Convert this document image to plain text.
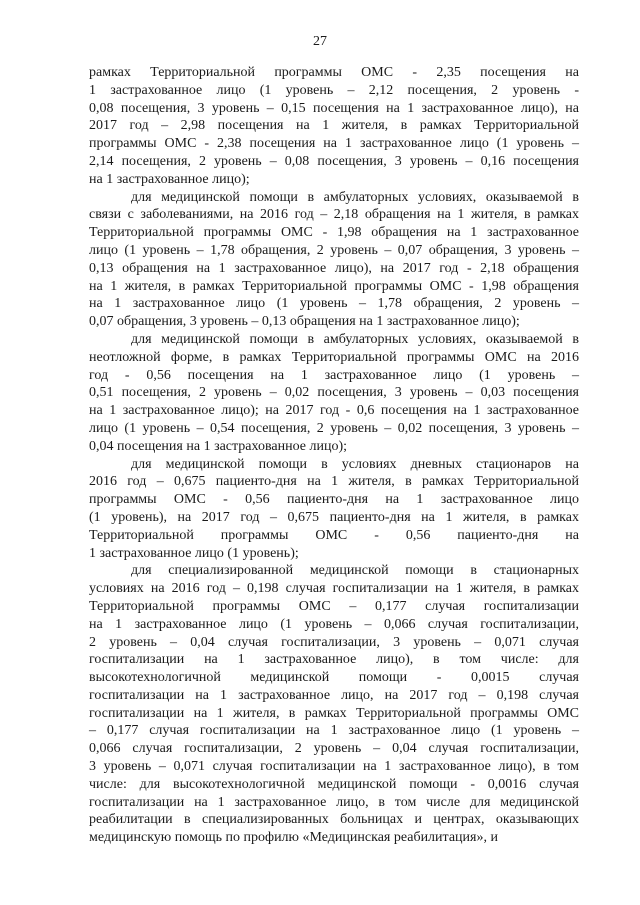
27

рамках Территориальной программы ОМС - 2,35 посещения на
1 застрахованное лицо (1 уровень – 2,12 посещения, 2 уровень -
0,08 посещения, 3 уровень – 0,15 посещения на 1 застрахованное лицо), на
2017 год – 2,98 посещения на 1 жителя, в рамках Территориальной
программы ОМС - 2,38 посещения на 1 застрахованное лицо (1 уровень –
2,14 посещения, 2 уровень – 0,08 посещения, 3 уровень – 0,16 посещения
на 1 застрахованное лицо);

для медицинской помощи в амбулаторных условиях, оказываемой в
связи с заболеваниями, на 2016 год – 2,18 обращения на 1 жителя, в рамках
Территориальной программы ОМС - 1,98 обращения на 1 застрахованное
лицо (1 уровень – 1,78 обращения, 2 уровень – 0,07 обращения, 3 уровень –
0,13 обращения на 1 застрахованное лицо), на 2017 год - 2,18 обращения
на 1 жителя, в рамках Территориальной программы ОМС - 1,98 обращения
на 1 застрахованное лицо (1 уровень – 1,78 обращения, 2 уровень –
0,07 обращения, 3 уровень – 0,13 обращения на 1 застрахованное лицо);

для медицинской помощи в амбулаторных условиях, оказываемой в
неотложной форме, в рамках Территориальной программы ОМС на 2016
год - 0,56 посещения на 1 застрахованное лицо (1 уровень –
0,51 посещения, 2 уровень – 0,02 посещения, 3 уровень – 0,03 посещения
на 1 застрахованное лицо); на 2017 год - 0,6 посещения на 1 застрахованное
лицо (1 уровень – 0,54 посещения, 2 уровень – 0,02 посещения, 3 уровень –
0,04 посещения на 1 застрахованное лицо);

для медицинской помощи в условиях дневных стационаров на
2016 год – 0,675 пациенто-дня на 1 жителя, в рамках Территориальной
программы ОМС - 0,56 пациенто-дня на 1 застрахованное лицо
(1 уровень), на 2017 год – 0,675 пациенто-дня на 1 жителя, в рамках
Территориальной программы ОМС - 0,56 пациенто-дня на
1 застрахованное лицо (1 уровень);

для специализированной медицинской помощи в стационарных
условиях на 2016 год – 0,198 случая госпитализации на 1 жителя, в рамках
Территориальной программы ОМС – 0,177 случая госпитализации
на 1 застрахованное лицо (1 уровень – 0,066 случая госпитализации,
2 уровень – 0,04 случая госпитализации, 3 уровень – 0,071 случая
госпитализации на 1 застрахованное лицо), в том числе: для
высокотехнологичной медицинской помощи - 0,0015 случая
госпитализации на 1 застрахованное лицо, на 2017 год – 0,198 случая
госпитализации на 1 жителя, в рамках Территориальной программы ОМС
– 0,177 случая госпитализации на 1 застрахованное лицо (1 уровень –
0,066 случая госпитализации, 2 уровень – 0,04 случая госпитализации,
3 уровень – 0,071 случая госпитализации на 1 застрахованное лицо), в том
числе: для высокотехнологичной медицинской помощи - 0,0016 случая
госпитализации на 1 застрахованное лицо, в том числе для медицинской
реабилитации в специализированных больницах и центрах, оказывающих
медицинскую помощь по профилю «Медицинская реабилитация», и
